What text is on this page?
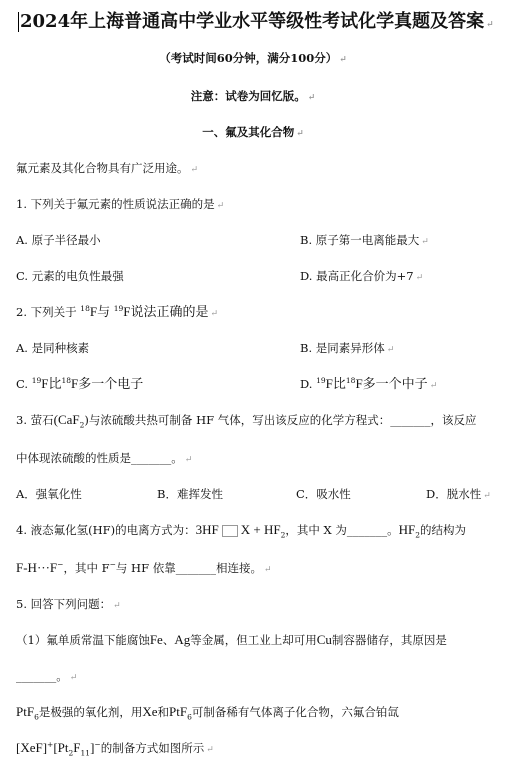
2024年上海普通高中学业水平等级性考试化学真题及答案 ↵
（考试时间60分钟，满分100分） ↵
注意：试卷为回忆版。 ↵
一、氟及其化合物 ↵
氟元素及其化合物具有广泛用途。 ↵
1. 下列关于氟元素的性质说法正确的是 ↵
A. 原子半径最小	B. 原子第一电离能最大 ↵
C. 元素的电负性最强	D. 最高正化合价为+7 ↵
2. 下列关于 $^{18}$F与 $^{19}$F说法正确的是 ↵
A. 是同种核素	B. 是同素异形体 ↵
C. $^{19}$F比$^{18}$F多一个电子	D. $^{19}$F比$^{18}$F多一个中子 ↵
3. 萤石(CaF$_2$)与浓硫酸共热可制备 HF 气体，写出该反应的化学方程式：_______，该反应
中体现浓硫酸的性质是_______。 ↵
A．强氧化性	B．难挥发性	C．吸水性	D．脱水性 ↵
4. 液态氟化氢(HF)的电离方式为：3HF $X + HF_2$，其中 X 为_______。$HF_2$的结构为
F-H···F−，其中 F−与 HF 依靠_______相连接。 ↵
5. 回答下列问题： ↵
（1）氟单质常温下能腐蚀Fe、Ag等金属，但工业上却可用Cu制容器储存，其原因是
_______。 ↵
PtF$_6$是极强的氧化剂，用Xe和PtF$_6$可制备稀有气体离子化合物，六氟合铂氙
$[XeF]^+[Pt_2F_{11}]^-$的制备方式如图所示 ↵
